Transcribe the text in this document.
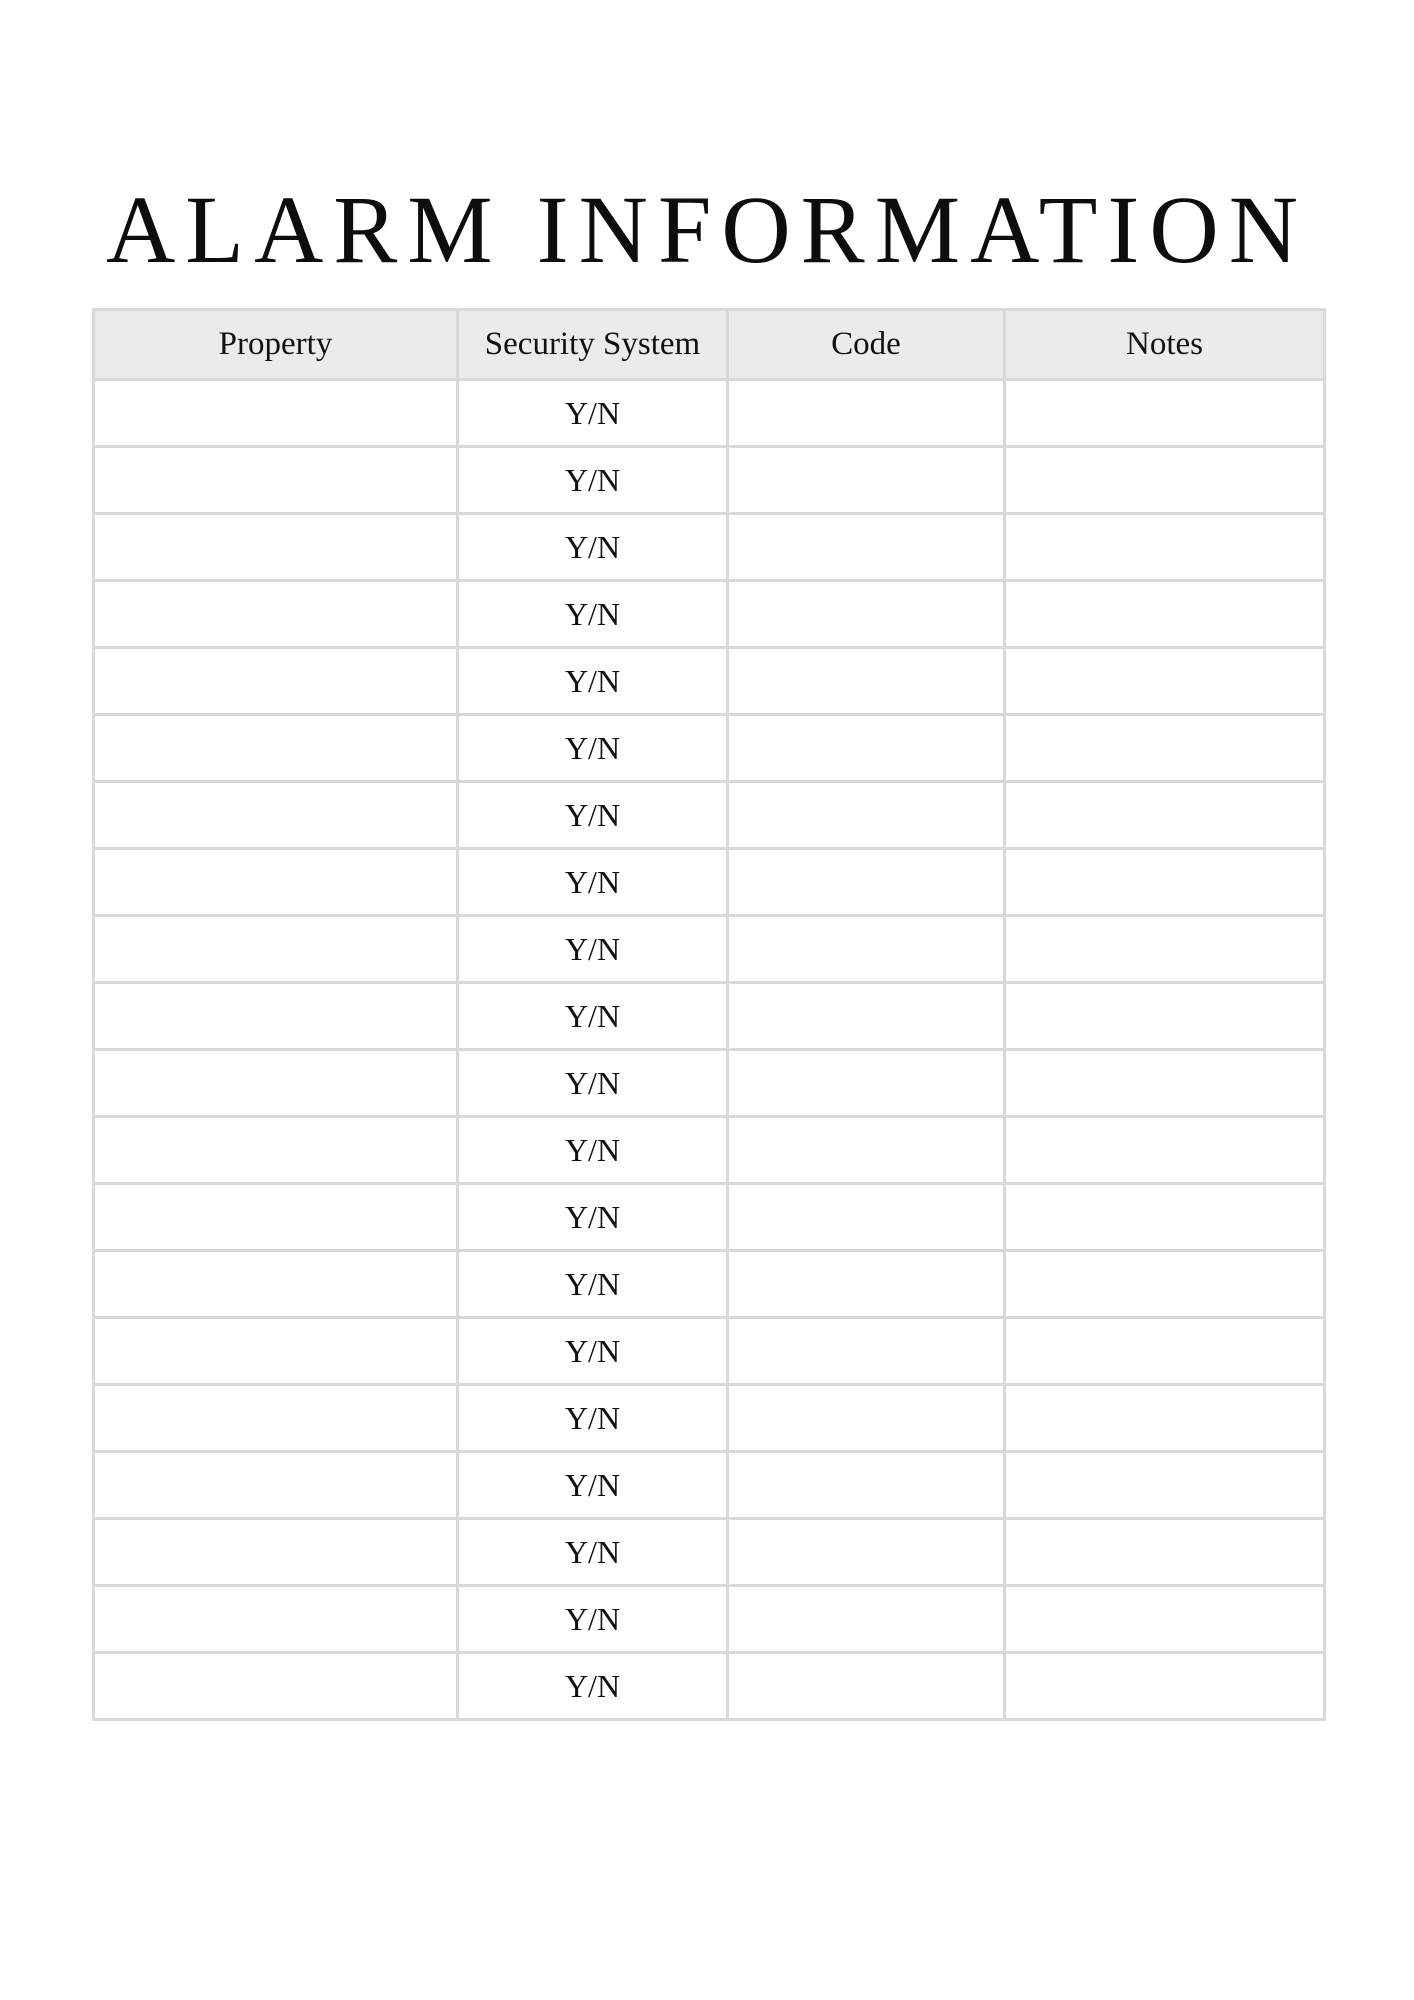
ALARM INFORMATION
Property	Security System	Code	Notes
	Y/N		
	Y/N		
	Y/N		
	Y/N		
	Y/N		
	Y/N		
	Y/N		
	Y/N		
	Y/N		
	Y/N		
	Y/N		
	Y/N		
	Y/N		
	Y/N		
	Y/N		
	Y/N		
	Y/N		
	Y/N		
	Y/N		
	Y/N		
